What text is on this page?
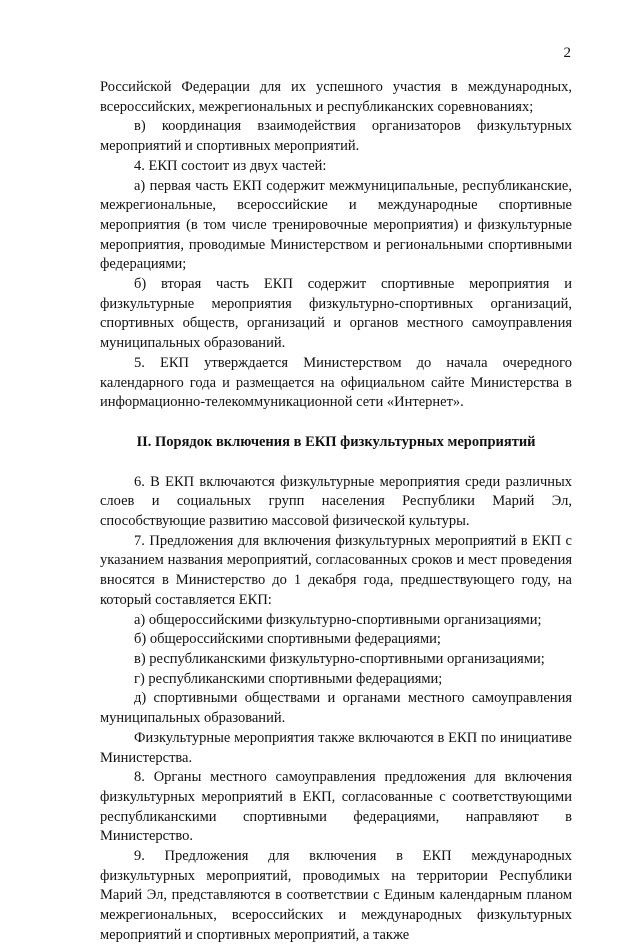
2

Российской Федерации для их успешного участия в международных, всероссийских, межрегиональных и республиканских соревнованиях;

в) координация взаимодействия организаторов физкультурных мероприятий и спортивных мероприятий.

4. ЕКП состоит из двух частей:

а) первая часть ЕКП содержит межмуниципальные, республиканские, межрегиональные, всероссийские и международные спортивные мероприятия (в том числе тренировочные мероприятия) и физкультурные мероприятия, проводимые Министерством и региональными спортивными федерациями;

б) вторая часть ЕКП содержит спортивные мероприятия и физкультурные мероприятия физкультурно-спортивных организаций, спортивных обществ, организаций и органов местного самоуправления муниципальных образований.

5. ЕКП утверждается Министерством до начала очередного календарного года и размещается на официальном сайте Министерства в информационно-телекоммуникационной сети «Интернет».

II. Порядок включения в ЕКП физкультурных мероприятий

6. В ЕКП включаются физкультурные мероприятия среди различных слоев и социальных групп населения Республики Марий Эл, способствующие развитию массовой физической культуры.

7. Предложения для включения физкультурных мероприятий в ЕКП с указанием названия мероприятий, согласованных сроков и мест проведения вносятся в Министерство до 1 декабря года, предшествующего году, на который составляется ЕКП:

а) общероссийскими физкультурно-спортивными организациями;

б) общероссийскими спортивными федерациями;

в) республиканскими физкультурно-спортивными организациями;

г) республиканскими спортивными федерациями;

д) спортивными обществами и органами местного самоуправления муниципальных образований.

Физкультурные мероприятия также включаются в ЕКП по инициативе Министерства.

8. Органы местного самоуправления предложения для включения физкультурных мероприятий в ЕКП, согласованные с соответствующими республиканскими спортивными федерациями, направляют в Министерство.

9. Предложения для включения в ЕКП международных физкультурных мероприятий, проводимых на территории Республики Марий Эл, представляются в соответствии с Единым календарным планом межрегиональных, всероссийских и международных физкультурных мероприятий и спортивных мероприятий, а также
